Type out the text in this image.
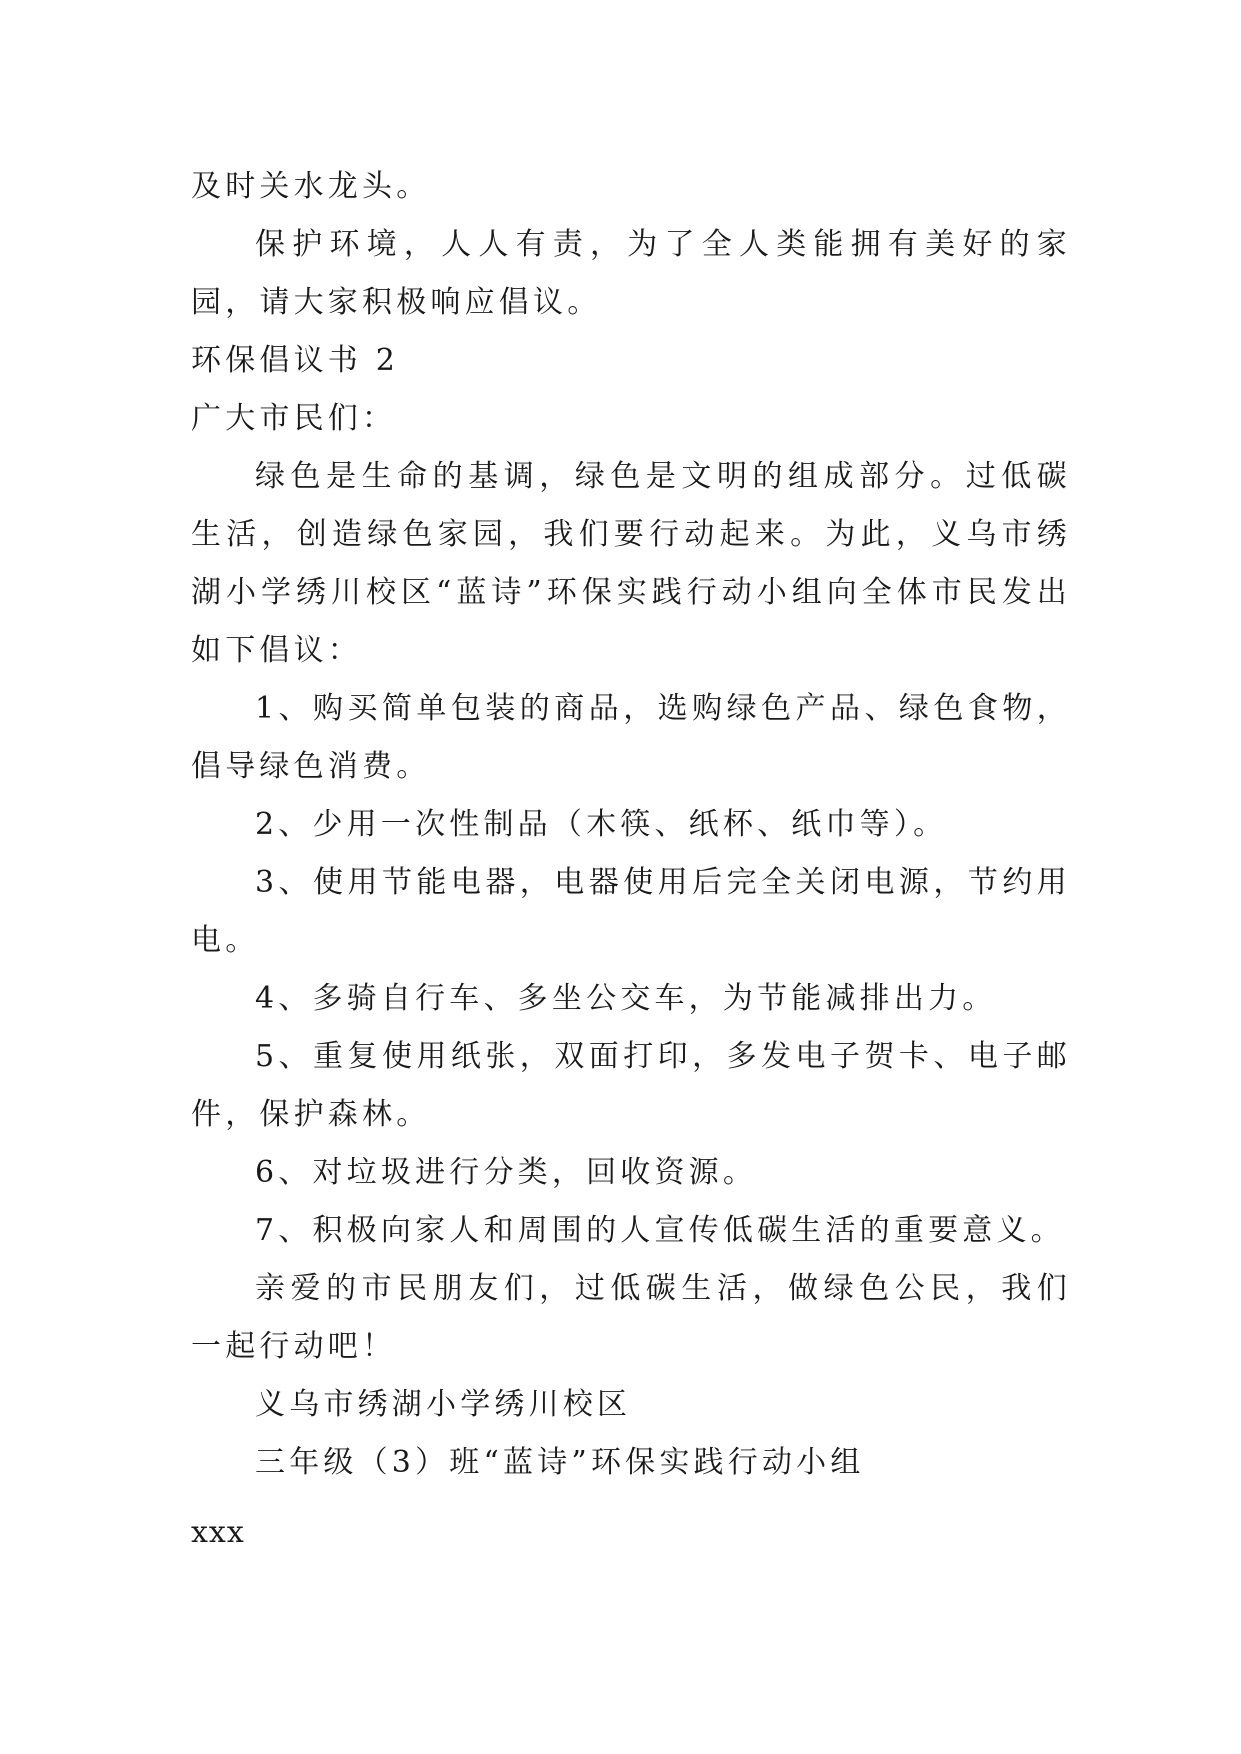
及时关水龙头。

保护环境，人人有责，为了全人类能拥有美好的家园，请大家积极响应倡议。

环保倡议书 2

广大市民们：

绿色是生命的基调，绿色是文明的组成部分。过低碳生活，创造绿色家园，我们要行动起来。为此，义乌市绣湖小学绣川校区“蓝诗”环保实践行动小组向全体市民发出如下倡议：

1、购买简单包装的商品，选购绿色产品、绿色食物，倡导绿色消费。

2、少用一次性制品（木筷、纸杯、纸巾等）。

3、使用节能电器，电器使用后完全关闭电源，节约用电。

4、多骑自行车、多坐公交车，为节能减排出力。

5、重复使用纸张，双面打印，多发电子贺卡、电子邮件，保护森林。

6、对垃圾进行分类，回收资源。

7、积极向家人和周围的人宣传低碳生活的重要意义。

亲爱的市民朋友们，过低碳生活，做绿色公民，我们一起行动吧！

义乌市绣湖小学绣川校区

三年级（3）班“蓝诗”环保实践行动小组

xxx
